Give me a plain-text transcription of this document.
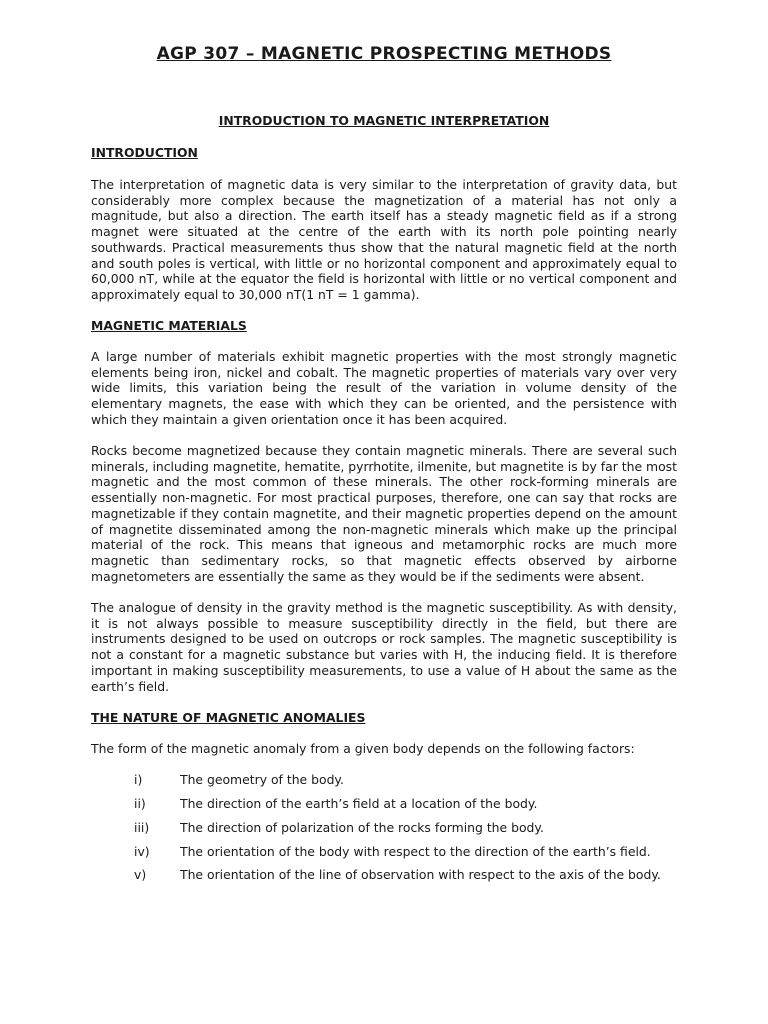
AGP 307 – MAGNETIC PROSPECTING METHODS
INTRODUCTION TO MAGNETIC INTERPRETATION
INTRODUCTION

The interpretation of magnetic data is very similar to the interpretation of gravity data, but considerably more complex because the magnetization of a material has not only a magnitude, but also a direction. The earth itself has a steady magnetic field as if a strong magnet were situated at the centre of the earth with its north pole pointing nearly southwards. Practical measurements thus show that the natural magnetic field at the north and south poles is vertical, with little or no horizontal component and approximately equal to 60,000 nT, while at the equator the field is horizontal with little or no vertical component and approximately equal to 30,000 nT(1 nT = 1 gamma).

MAGNETIC MATERIALS

A large number of materials exhibit magnetic properties with the most strongly magnetic elements being iron, nickel and cobalt. The magnetic properties of materials vary over very wide limits, this variation being the result of the variation in volume density of the elementary magnets, the ease with which they can be oriented, and the persistence with which they maintain a given orientation once it has been acquired.

Rocks become magnetized because they contain magnetic minerals. There are several such minerals, including magnetite, hematite, pyrrhotite, ilmenite, but magnetite is by far the most magnetic and the most common of these minerals. The other rock-forming minerals are essentially non-magnetic. For most practical purposes, therefore, one can say that rocks are magnetizable if they contain magnetite, and their magnetic properties depend on the amount of magnetite disseminated among the non-magnetic minerals which make up the principal material of the rock. This means that igneous and metamorphic rocks are much more magnetic than sedimentary rocks, so that magnetic effects observed by airborne magnetometers are essentially the same as they would be if the sediments were absent.

The analogue of density in the gravity method is the magnetic susceptibility. As with density, it is not always possible to measure susceptibility directly in the field, but there are instruments designed to be used on outcrops or rock samples. The magnetic susceptibility is not a constant for a magnetic substance but varies with H, the inducing field. It is therefore important in making susceptibility measurements, to use a value of H about the same as the earth’s field.

THE NATURE OF MAGNETIC ANOMALIES

The form of the magnetic anomaly from a given body depends on the following factors:

i)	The geometry of the body.
ii)	The direction of the earth’s field at a location of the body.
iii) The direction of polarization of the rocks forming the body.
iv) The orientation of the body with respect to the direction of the earth’s field.
v)	The orientation of the line of observation with respect to the axis of the body.
